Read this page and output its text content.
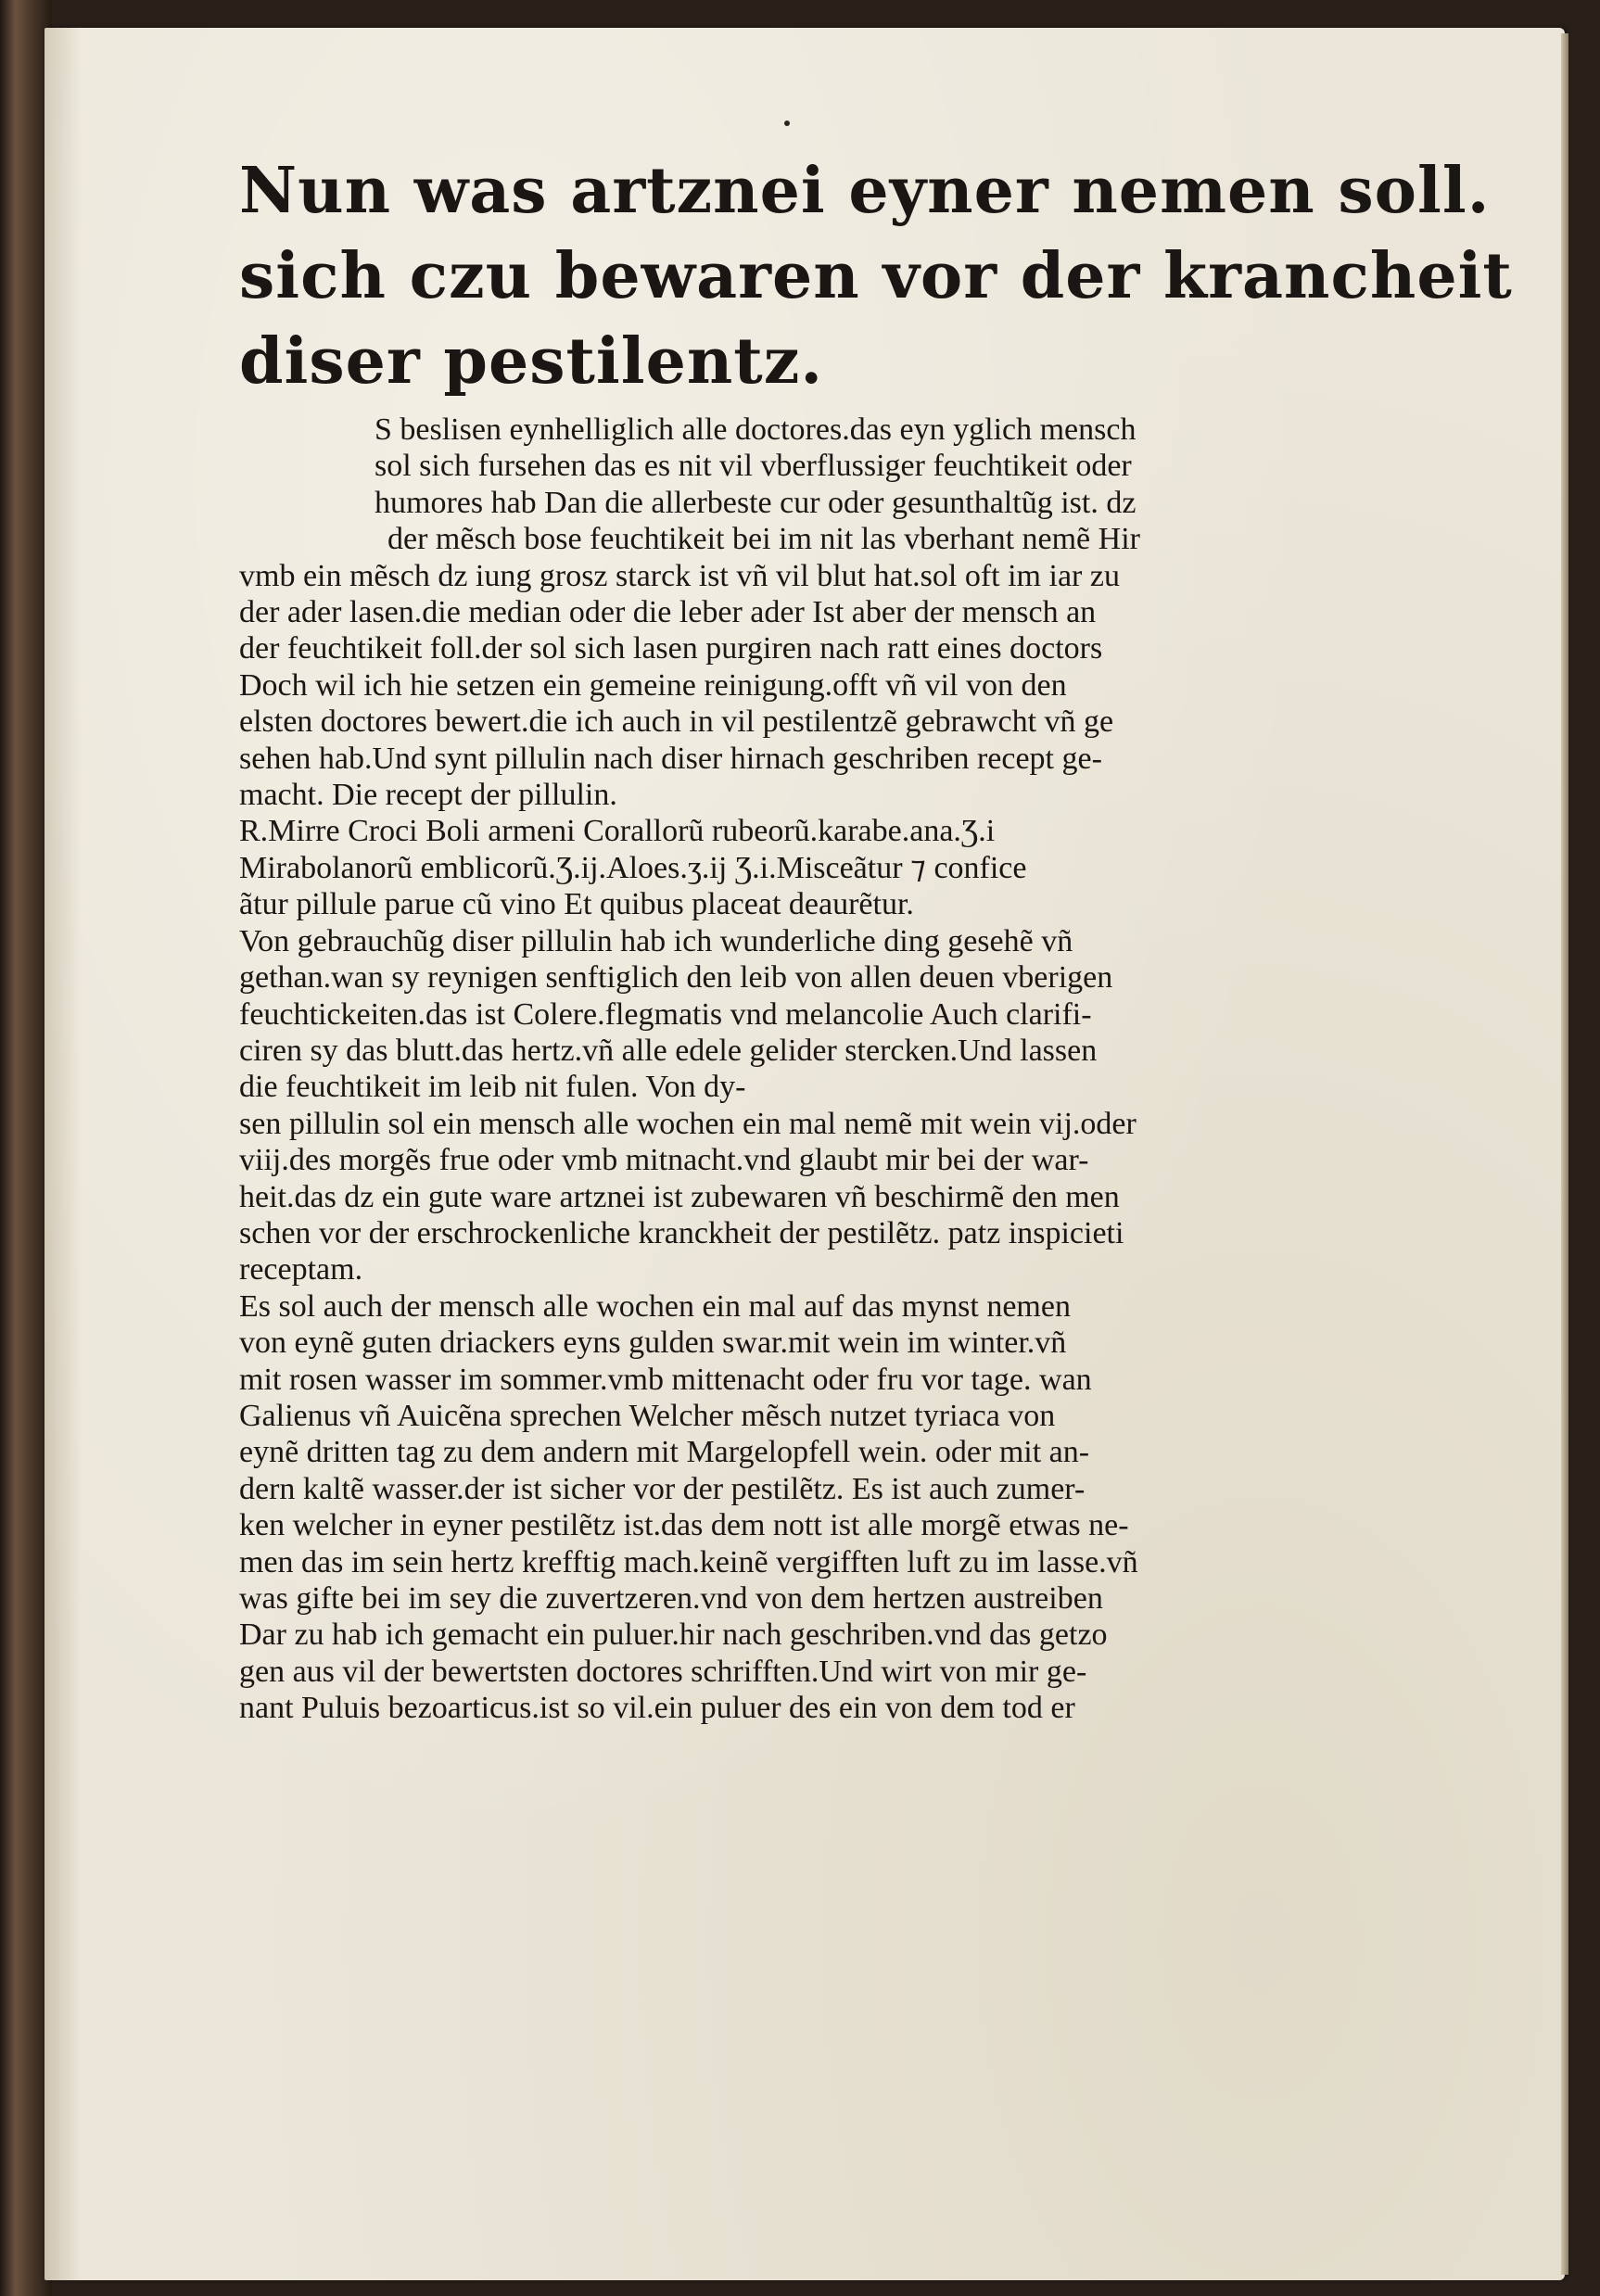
Nun was artznei eyner nemen soll.
sich czu bewaren vor der krancheit
diser pestilentz.
S beslisen eynhelliglich alle doctores.das eyn yglich mensch
sol sich fursehen das es nit vil vberflussiger feuchtikeit oder
humores hab Dan die allerbeste cur oder gesunthaltũg ist. dz
der mẽsch bose feuchtikeit bei im nit las vberhant nemẽ Hir
vmb ein mẽsch dz iung grosz starck ist vñ vil blut hat.sol oft im iar zu
der ader lasen.die median oder die leber ader Ist aber der mensch an
der feuchtikeit foll.der sol sich lasen purgiren nach ratt eines doctors
Doch wil ich hie setzen ein gemeine reinigung.offt vñ vil von den
elsten doctores bewert.die ich auch in vil pestilentzẽ gebrawcht vñ ge
sehen hab.Und synt pillulin nach diser hirnach geschriben recept ge-
macht. Die recept der pillulin.
R.Mirre Croci Boli armeni Corallorũ rubeorũ.karabe.ana.Ʒ.i
Mirabolanorũ emblicorũ.Ʒ.ij.Aloes.ʒ.ij Ʒ.i.Misceãtur ⁊ confice
ãtur pillule parue cũ vino Et quibus placeat deaurẽtur.
Von gebrauchũg diser pillulin hab ich wunderliche ding gesehẽ vñ
gethan.wan sy reynigen senftiglich den leib von allen deuen vberigen
feuchtickeiten.das ist Colere.flegmatis vnd melancolie Auch clarifi-
ciren sy das blutt.das hertz.vñ alle edele gelider stercken.Und lassen
die feuchtikeit im leib nit fulen. Von dy-
sen pillulin sol ein mensch alle wochen ein mal nemẽ mit wein vij.oder
viij.des morgẽs frue oder vmb mitnacht.vnd glaubt mir bei der war-
heit.das dz ein gute ware artznei ist zubewaren vñ beschirmẽ den men
schen vor der erschrockenliche kranckheit der pestilẽtz. patz inspicieti
receptam.
Es sol auch der mensch alle wochen ein mal auf das mynst nemen
von eynẽ guten driackers eyns gulden swar.mit wein im winter.vñ
mit rosen wasser im sommer.vmb mittenacht oder fru vor tage. wan
Galienus vñ Auicẽna sprechen Welcher mẽsch nutzet tyriaca von
eynẽ dritten tag zu dem andern mit Margelopfell wein. oder mit an-
dern kaltẽ wasser.der ist sicher vor der pestilẽtz. Es ist auch zumer-
ken welcher in eyner pestilẽtz ist.das dem nott ist alle morgẽ etwas ne-
men das im sein hertz krefftig mach.keinẽ vergifften luft zu im lasse.vñ
was gifte bei im sey die zuvertzeren.vnd von dem hertzen austreiben
Dar zu hab ich gemacht ein puluer.hir nach geschriben.vnd das getzo
gen aus vil der bewertsten doctores schrifften.Und wirt von mir ge-
nant Puluis bezoarticus.ist so vil.ein puluer des ein von dem tod er
